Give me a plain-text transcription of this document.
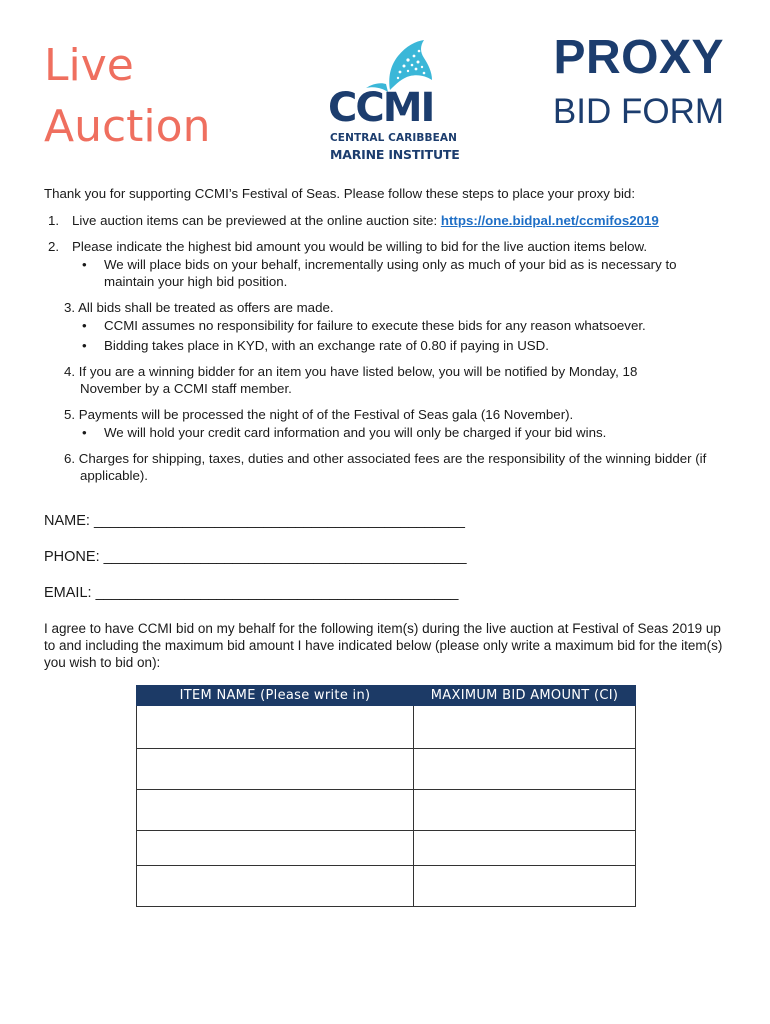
Live
Auction	CCMI
CENTRAL CARIBBEAN
MARINE INSTITUTE
PROXY
BID FORM

Thank you for supporting CCMI’s Festival of Seas. Please follow these steps to place your proxy bid:

1. Live auction items can be previewed at the online auction site: https://one.bidpal.net/ccmifos2019
2. Please indicate the highest bid amount you would be willing to bid for the live auction items below.
• We will place bids on your behalf, incrementally using only as much of your bid as is necessary to maintain your high bid position.
3. All bids shall be treated as offers are made.
• CCMI assumes no responsibility for failure to execute these bids for any reason whatsoever.
• Bidding takes place in KYD, with an exchange rate of 0.80 if paying in USD.
4. If you are a winning bidder for an item you have listed below, you will be notified by Monday, 18 November by a CCMI staff member.
5. Payments will be processed the night of of the Festival of Seas gala (16 November).
• We will hold your credit card information and you will only be charged if your bid wins.
6. Charges for shipping, taxes, duties and other associated fees are the responsibility of the winning bidder (if applicable).
NAME: ______________________________________________
PHONE: _____________________________________________
EMAIL: _____________________________________________

I agree to have CCMI bid on my behalf for the following item(s) during the live auction at Festival of Seas 2019 up to and including the maximum bid amount I have indicated below (please only write a maximum bid for the item(s) you wish to bid on):

ITEM NAME (Please write in)	MAXIMUM BID AMOUNT (CI)
